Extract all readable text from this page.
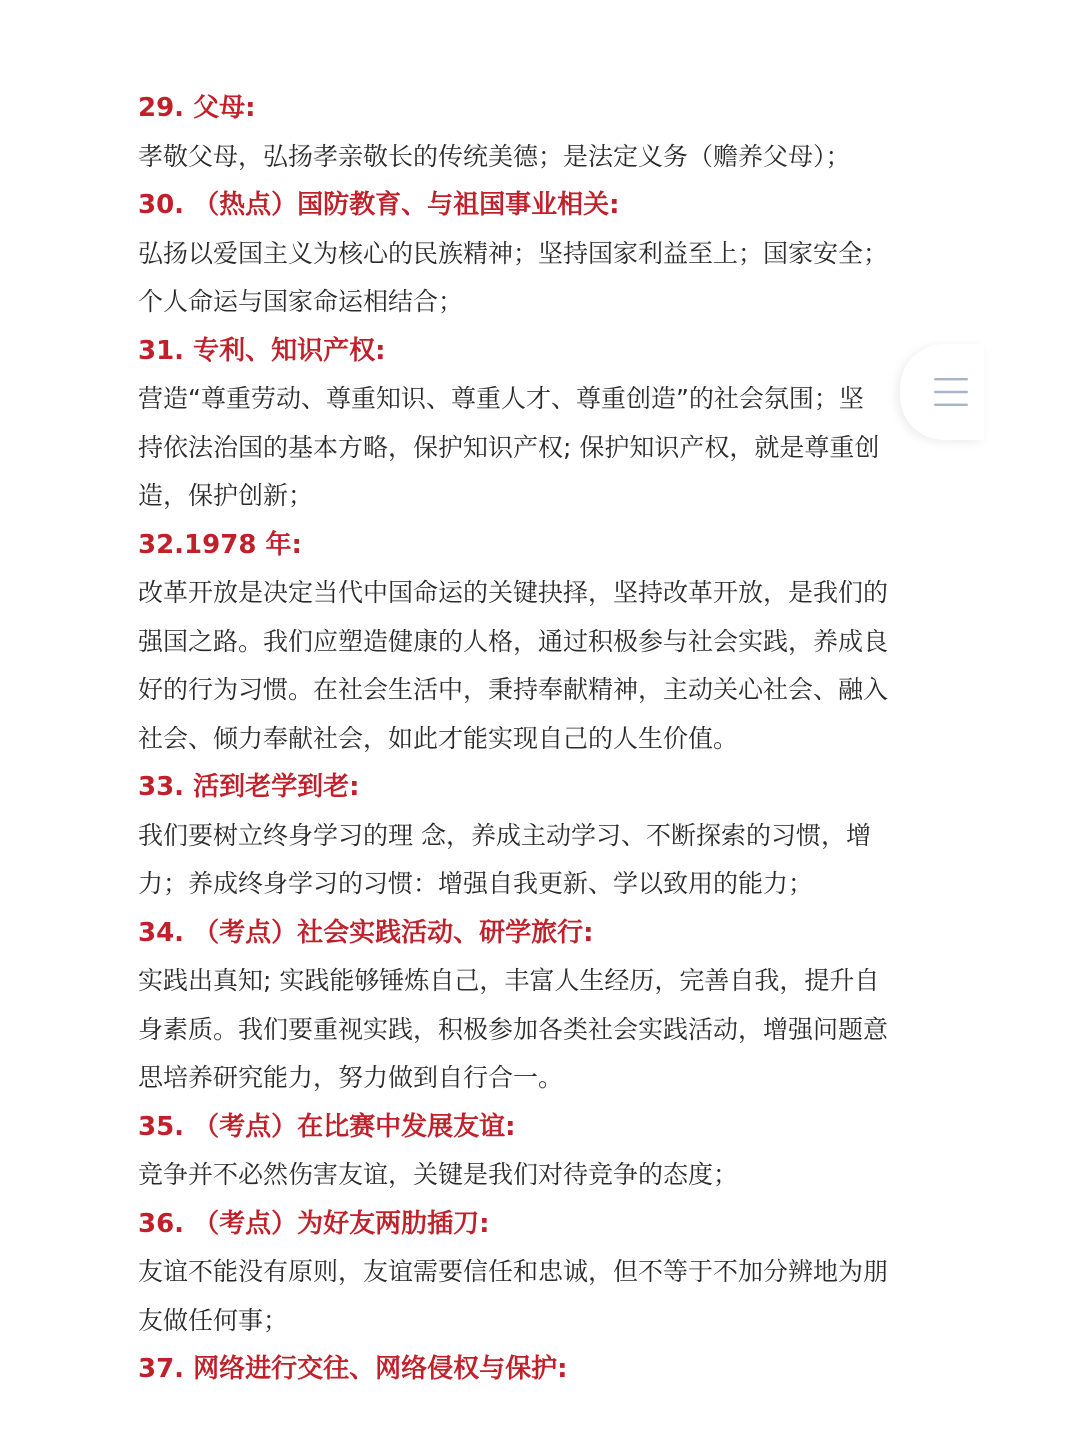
29. 父母:
孝敬父母，弘扬孝亲敬长的传统美德；是法定义务（赡养父母）；
30. （热点）国防教育、与祖国事业相关:
弘扬以爱国主义为核心的民族精神；坚持国家利益至上；国家安全；
个人命运与国家命运相结合；
31. 专利、知识产权:
营造“尊重劳动、尊重知识、尊重人才、尊重创造”的社会氛围；坚
持依法治国的基本方略，保护知识产权; 保护知识产权，就是尊重创
造，保护创新；
32.1978 年:
改革开放是决定当代中国命运的关键抉择，坚持改革开放，是我们的
强国之路。我们应塑造健康的人格，通过积极参与社会实践，养成良
好的行为习惯。在社会生活中，秉持奉献精神，主动关心社会、融入
社会、倾力奉献社会，如此才能实现自己的人生价值。
33. 活到老学到老:
我们要树立终身学习的理 念，养成主动学习、不断探索的习惯，增
力；养成终身学习的习惯：增强自我更新、学以致用的能力；
34. （考点）社会实践活动、研学旅行:
实践出真知; 实践能够锤炼自己，丰富人生经历，完善自我，提升自
身素质。我们要重视实践，积极参加各类社会实践活动，增强问题意
思培养研究能力，努力做到自行合一。
35. （考点）在比赛中发展友谊:
竞争并不必然伤害友谊，关键是我们对待竞争的态度；
36. （考点）为好友两肋插刀:
友谊不能没有原则，友谊需要信任和忠诚，但不等于不加分辨地为朋
友做任何事；
37. 网络进行交往、网络侵权与保护:
